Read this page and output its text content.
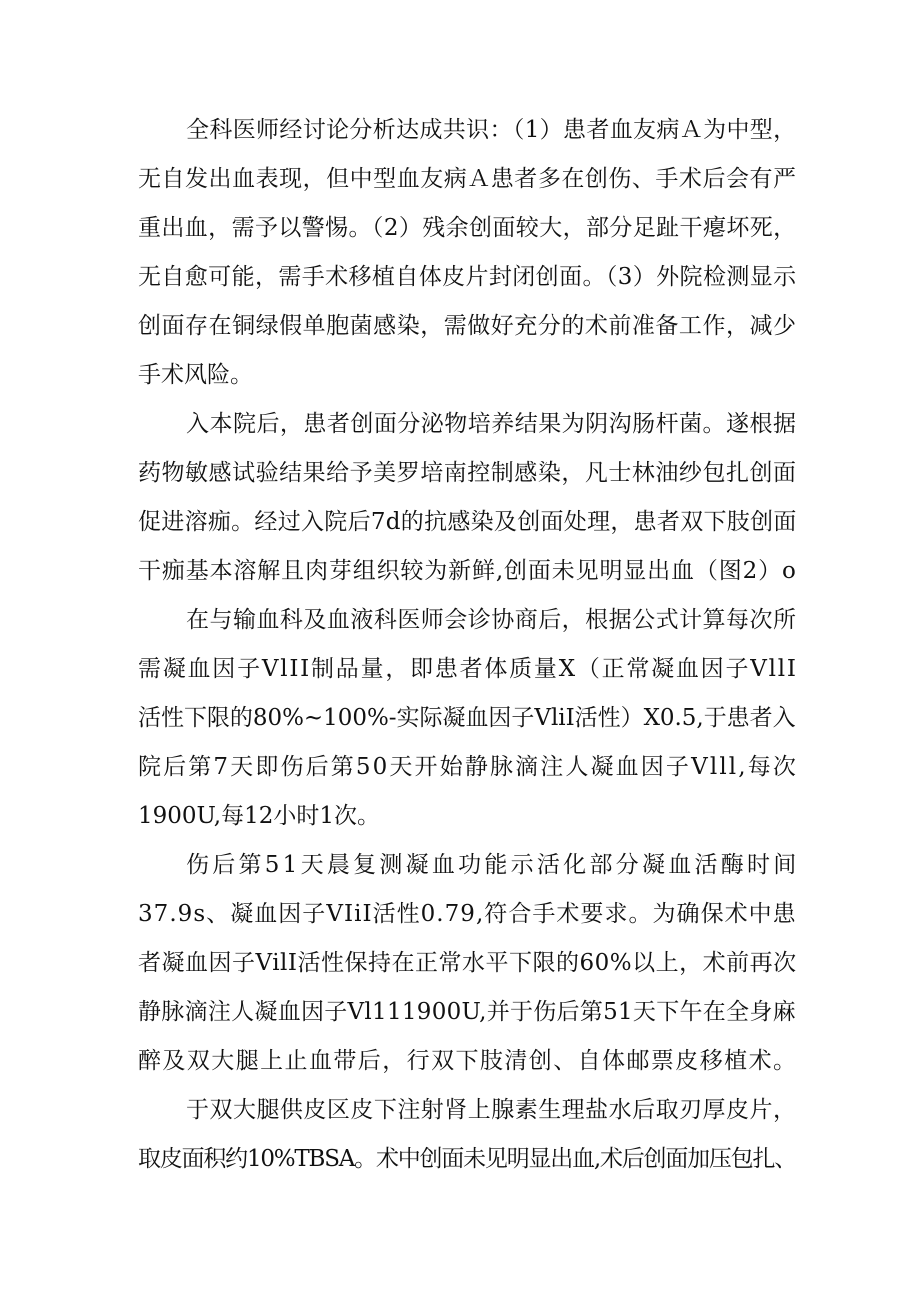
全科医师经讨论分析达成共识：（1）患者血友病Ａ为中型，

无自发出血表现，但中型血友病Ａ患者多在创伤、手术后会有严

重出血，需予以警惕。（2）残余创面较大，部分足趾干瘪坏死，

无自愈可能，需手术移植自体皮片封闭创面。（3）外院检测显示

创面存在铜绿假单胞菌感染，需做好充分的术前准备工作，减少

手术风险。

入本院后，患者创面分泌物培养结果为阴沟肠杆菌。遂根据

药物敏感试验结果给予美罗培南控制感染，凡士林油纱包扎创面

促进溶痂。经过入院后7d的抗感染及创面处理，患者双下肢创面

干痂基本溶解且肉芽组织较为新鲜,创面未见明显出血（图2）o

在与输血科及血液科医师会诊协商后，根据公式计算每次所

需凝血因子VlII制品量，即患者体质量X（正常凝血因子VllI

活性下限的80%~100%-实际凝血因子VliI活性）X0.5,于患者入

院后第7天即伤后第50天开始静脉滴注人凝血因子Vlll,每次

1900U,每12小时1次。

伤后第51天晨复测凝血功能示活化部分凝血活酶时间

37.9s、凝血因子VIiI活性0.79,符合手术要求。为确保术中患

者凝血因子VilI活性保持在正常水平下限的60%以上，术前再次

静脉滴注人凝血因子Vl111900U,并于伤后第51天下午在全身麻

醉及双大腿上止血带后，行双下肢清创、自体邮票皮移植术。

于双大腿供皮区皮下注射肾上腺素生理盐水后取刃厚皮片，

取皮面积约10%TBSA。术中创面未见明显出血,术后创面加压包扎、
